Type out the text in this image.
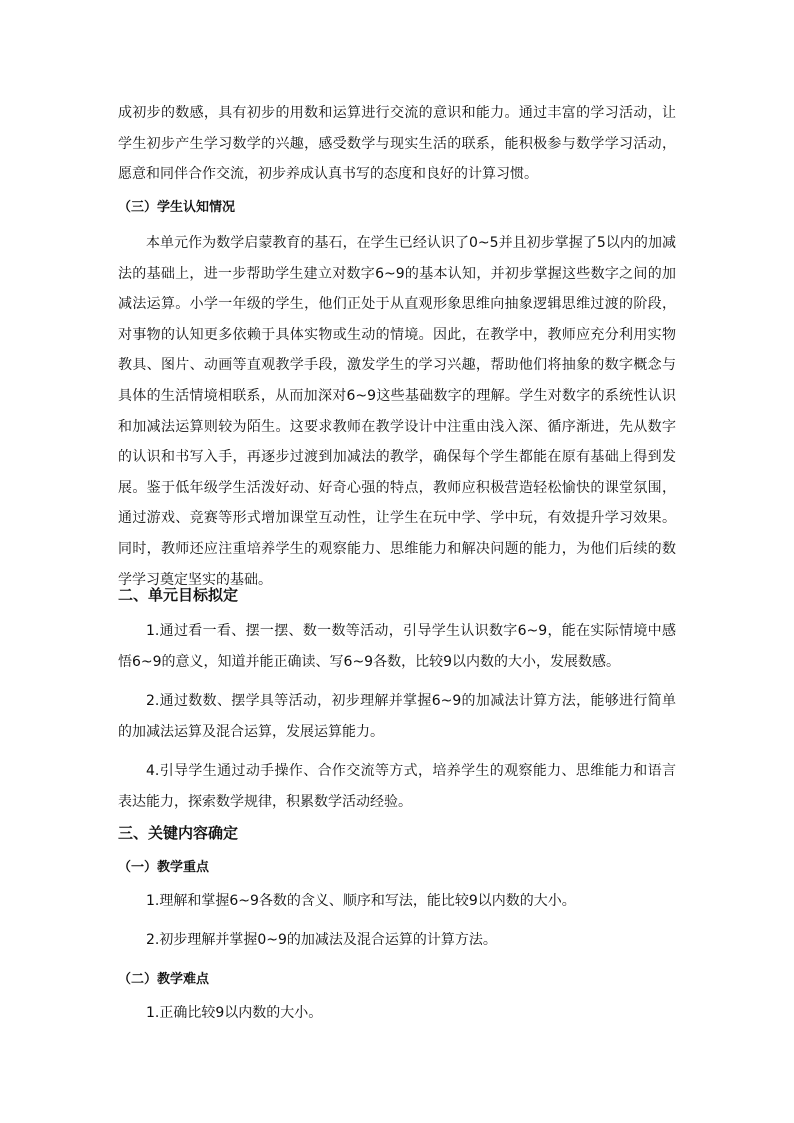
成初步的数感，具有初步的用数和运算进行交流的意识和能力。通过丰富的学习活动，让学生初步产生学习数学的兴趣，感受数学与现实生活的联系，能积极参与数学学习活动，愿意和同伴合作交流，初步养成认真书写的态度和良好的计算习惯。

（三）学生认知情况

本单元作为数学启蒙教育的基石，在学生已经认识了0~5并且初步掌握了5以内的加减法的基础上，进一步帮助学生建立对数字6~9的基本认知，并初步掌握这些数字之间的加减法运算。小学一年级的学生，他们正处于从直观形象思维向抽象逻辑思维过渡的阶段，对事物的认知更多依赖于具体实物或生动的情境。因此，在教学中，教师应充分利用实物教具、图片、动画等直观教学手段，激发学生的学习兴趣，帮助他们将抽象的数字概念与具体的生活情境相联系，从而加深对6~9这些基础数字的理解。学生对数字的系统性认识和加减法运算则较为陌生。这要求教师在教学设计中注重由浅入深、循序渐进，先从数字的认识和书写入手，再逐步过渡到加减法的教学，确保每个学生都能在原有基础上得到发展。鉴于低年级学生活泼好动、好奇心强的特点，教师应积极营造轻松愉快的课堂氛围，通过游戏、竞赛等形式增加课堂互动性，让学生在玩中学、学中玩，有效提升学习效果。同时，教师还应注重培养学生的观察能力、思维能力和解决问题的能力，为他们后续的数学学习奠定坚实的基础。

二、单元目标拟定

1.通过看一看、摆一摆、数一数等活动，引导学生认识数字6~9，能在实际情境中感悟6~9的意义，知道并能正确读、写6~9各数，比较9以内数的大小，发展数感。

2.通过数数、摆学具等活动，初步理解并掌握6~9的加减法计算方法，能够进行简单的加减法运算及混合运算，发展运算能力。

4.引导学生通过动手操作、合作交流等方式，培养学生的观察能力、思维能力和语言表达能力，探索数学规律，积累数学活动经验。

三、关键内容确定

（一）教学重点

1.理解和掌握6~9各数的含义、顺序和写法，能比较9以内数的大小。

2.初步理解并掌握0~9的加减法及混合运算的计算方法。

（二）教学难点

1.正确比较9以内数的大小。
